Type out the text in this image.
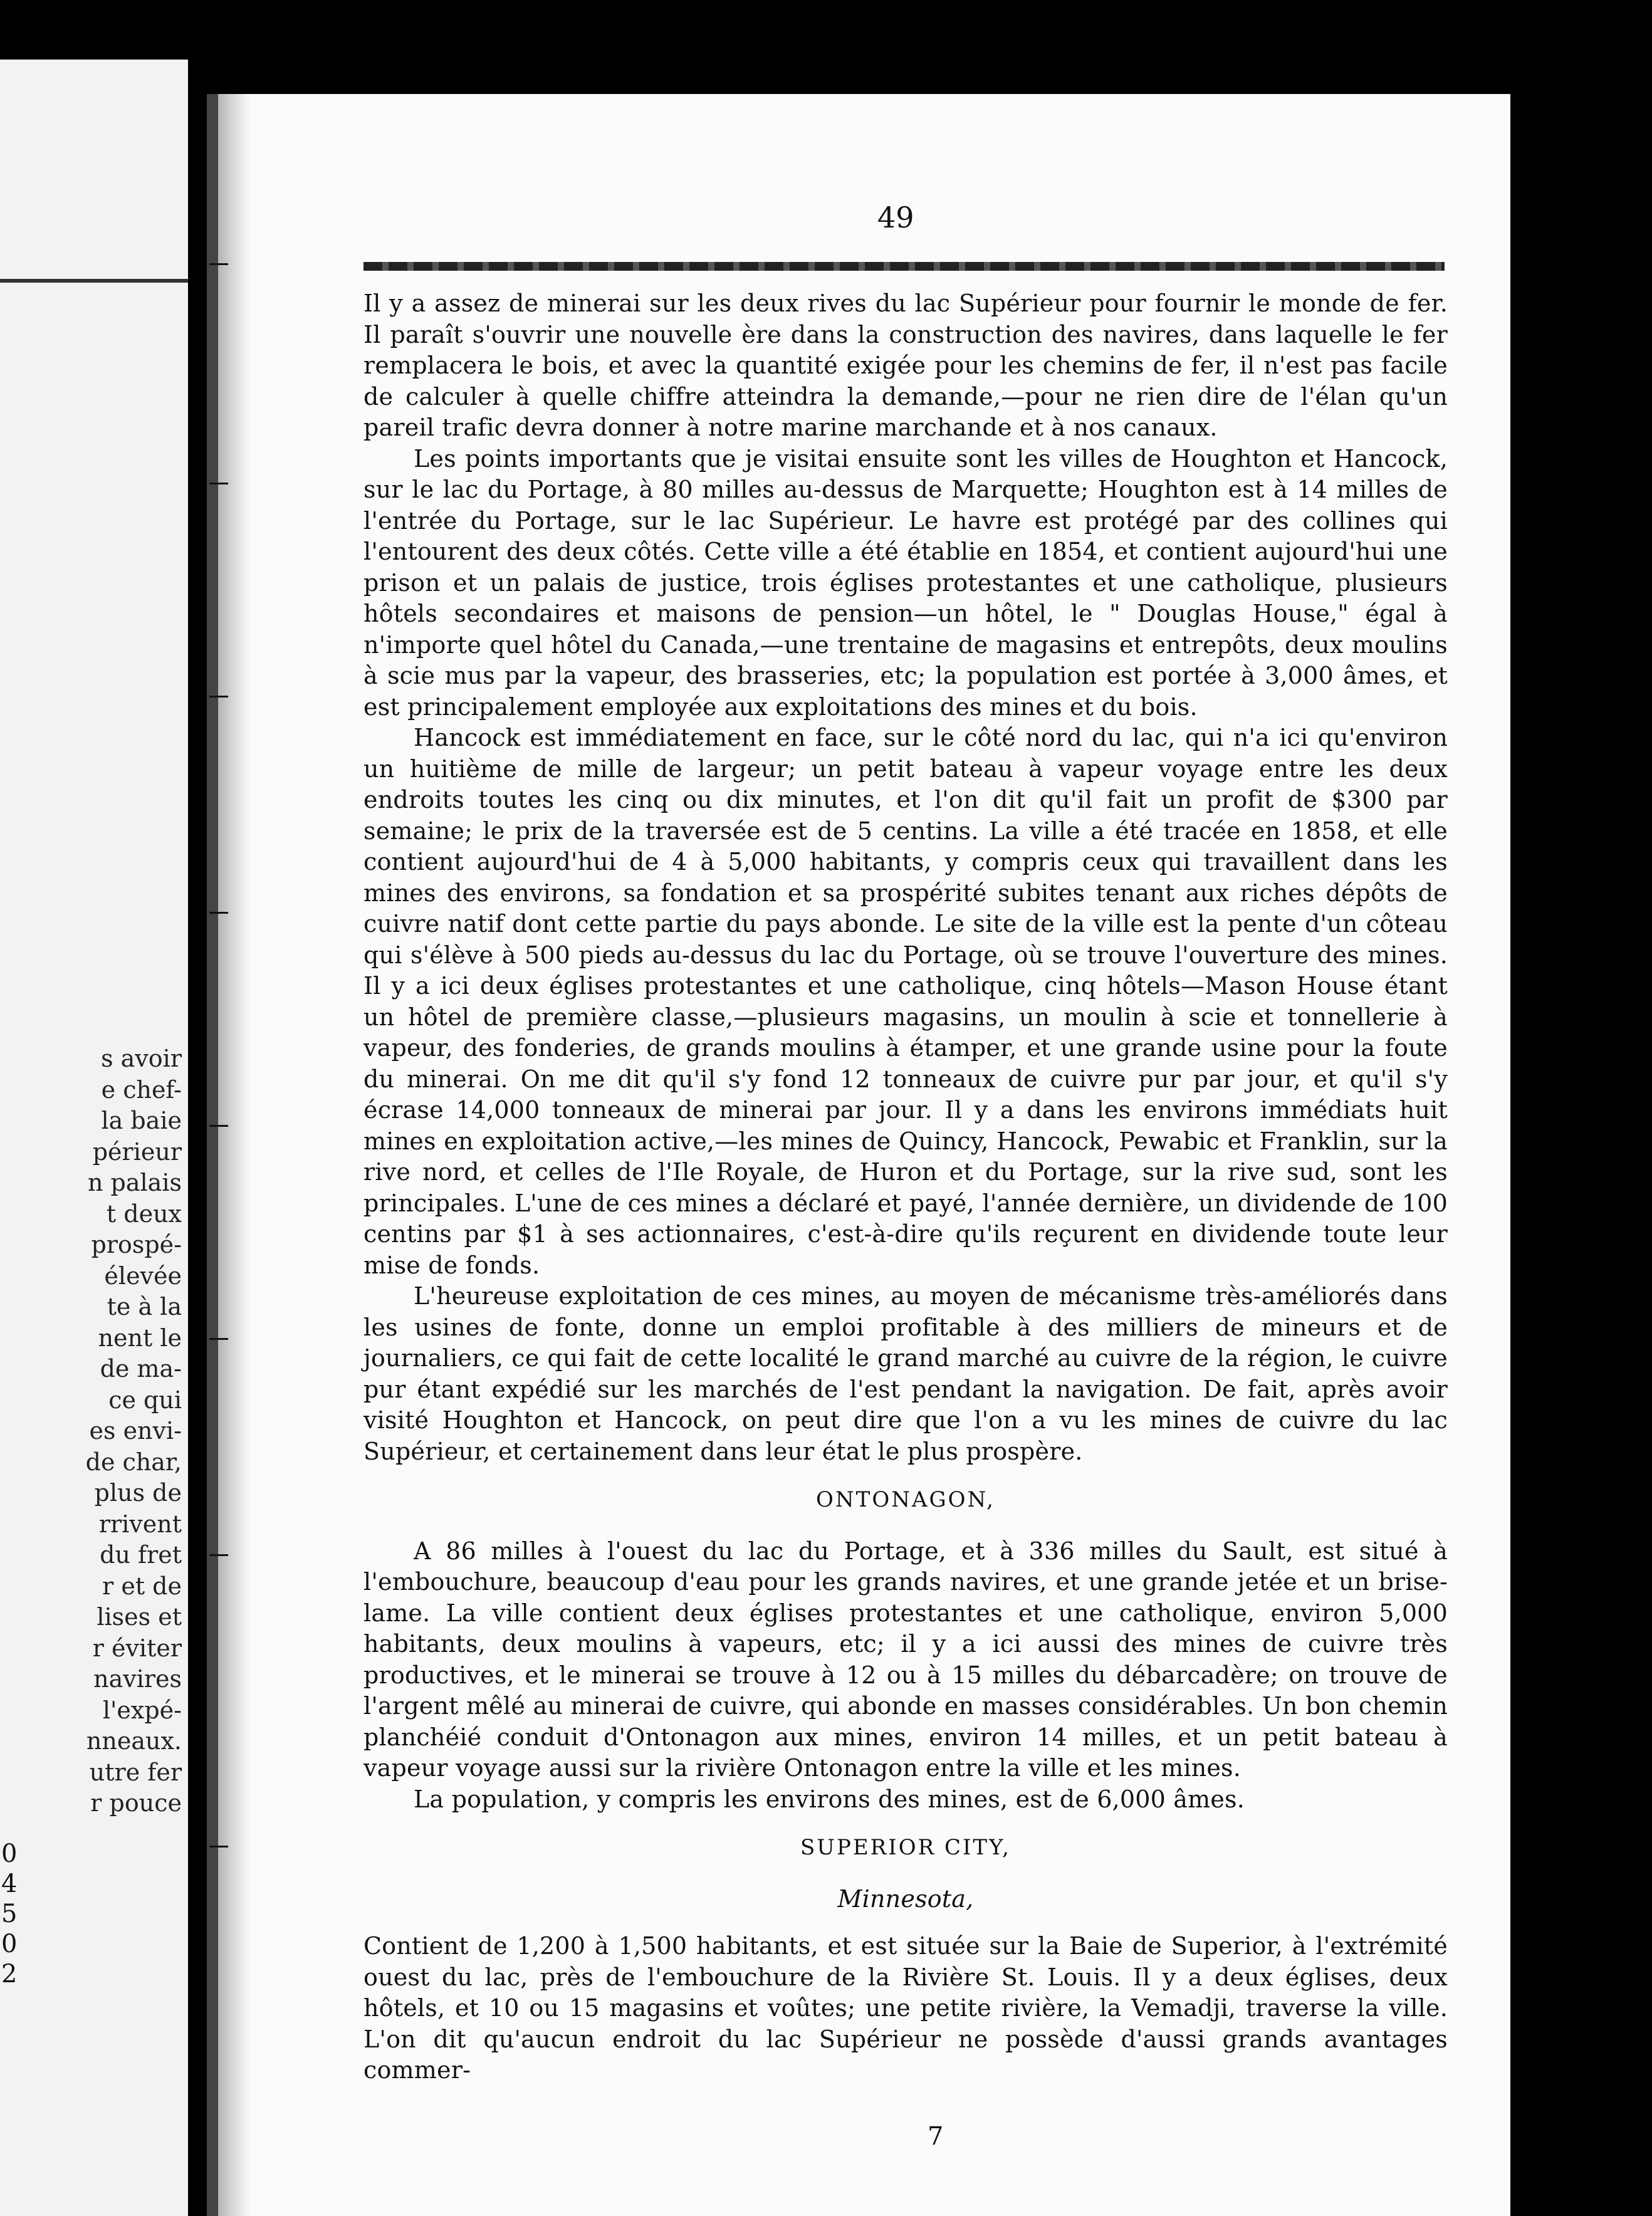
s avoir
e chef-
la baie
périeur
n palais
t deux
prospé-
élevée
te à la
nent le
de ma-
ce qui
es envi-
de char,
plus de
rrivent
du fret
r et de
lises et
r éviter
navires
l'expé-
nneaux.
utre fer
r pouce
0
4
5
0
2
49

Il y a assez de minerai sur les deux rives du lac Supérieur pour fournir le monde de fer. Il paraît s'ouvrir une nouvelle ère dans la construction des navires, dans laquelle le fer remplacera le bois, et avec la quantité exigée pour les chemins de fer, il n'est pas facile de calculer à quelle chiffre atteindra la demande,—pour ne rien dire de l'élan qu'un pareil trafic devra donner à notre marine marchande et à nos canaux.

Les points importants que je visitai ensuite sont les villes de Houghton et Hancock, sur le lac du Portage, à 80 milles au-dessus de Marquette; Houghton est à 14 milles de l'entrée du Portage, sur le lac Supérieur. Le havre est protégé par des collines qui l'entourent des deux côtés. Cette ville a été établie en 1854, et contient aujourd'hui une prison et un palais de justice, trois églises protestantes et une catholique, plusieurs hôtels secondaires et maisons de pension—un hôtel, le " Douglas House," égal à n'importe quel hôtel du Canada,—une trentaine de magasins et entrepôts, deux moulins à scie mus par la vapeur, des brasseries, etc; la population est portée à 3,000 âmes, et est principalement employée aux exploitations des mines et du bois.

Hancock est immédiatement en face, sur le côté nord du lac, qui n'a ici qu'environ un huitième de mille de largeur; un petit bateau à vapeur voyage entre les deux endroits toutes les cinq ou dix minutes, et l'on dit qu'il fait un profit de $300 par semaine; le prix de la traversée est de 5 centins. La ville a été tracée en 1858, et elle contient aujourd'hui de 4 à 5,000 habitants, y compris ceux qui travaillent dans les mines des environs, sa fondation et sa prospérité subites tenant aux riches dépôts de cuivre natif dont cette partie du pays abonde. Le site de la ville est la pente d'un côteau qui s'élève à 500 pieds au-dessus du lac du Portage, où se trouve l'ouverture des mines. Il y a ici deux églises protestantes et une catholique, cinq hôtels—Mason House étant un hôtel de première classe,—plusieurs magasins, un moulin à scie et tonnellerie à vapeur, des fonderies, de grands moulins à étamper, et une grande usine pour la foute du minerai. On me dit qu'il s'y fond 12 tonneaux de cuivre pur par jour, et qu'il s'y écrase 14,000 tonneaux de minerai par jour. Il y a dans les environs immédiats huit mines en exploitation active,—les mines de Quincy, Hancock, Pewabic et Franklin, sur la rive nord, et celles de l'Ile Royale, de Huron et du Portage, sur la rive sud, sont les principales. L'une de ces mines a déclaré et payé, l'année dernière, un dividende de 100 centins par $1 à ses actionnaires, c'est-à-dire qu'ils reçurent en dividende toute leur mise de fonds.

L'heureuse exploitation de ces mines, au moyen de mécanisme très-améliorés dans les usines de fonte, donne un emploi profitable à des milliers de mineurs et de journaliers, ce qui fait de cette localité le grand marché au cuivre de la région, le cuivre pur étant expédié sur les marchés de l'est pendant la navigation. De fait, après avoir visité Houghton et Hancock, on peut dire que l'on a vu les mines de cuivre du lac Supérieur, et certainement dans leur état le plus prospère.

ONTONAGON,

A 86 milles à l'ouest du lac du Portage, et à 336 milles du Sault, est situé à l'embouchure, beaucoup d'eau pour les grands navires, et une grande jetée et un brise-lame. La ville contient deux églises protestantes et une catholique, environ 5,000 habitants, deux moulins à vapeurs, etc; il y a ici aussi des mines de cuivre très productives, et le minerai se trouve à 12 ou à 15 milles du débarcadère; on trouve de l'argent mêlé au minerai de cuivre, qui abonde en masses considérables. Un bon chemin planchéié conduit d'Ontonagon aux mines, environ 14 milles, et un petit bateau à vapeur voyage aussi sur la rivière Ontonagon entre la ville et les mines.

La population, y compris les environs des mines, est de 6,000 âmes.

SUPERIOR CITY,
Minnesota,

Contient de 1,200 à 1,500 habitants, et est située sur la Baie de Superior, à l'extrémité ouest du lac, près de l'embouchure de la Rivière St. Louis. Il y a deux églises, deux hôtels, et 10 ou 15 magasins et voûtes; une petite rivière, la Vemadji, traverse la ville. L'on dit qu'aucun endroit du lac Supérieur ne possède d'aussi grands avantages commer-

7
